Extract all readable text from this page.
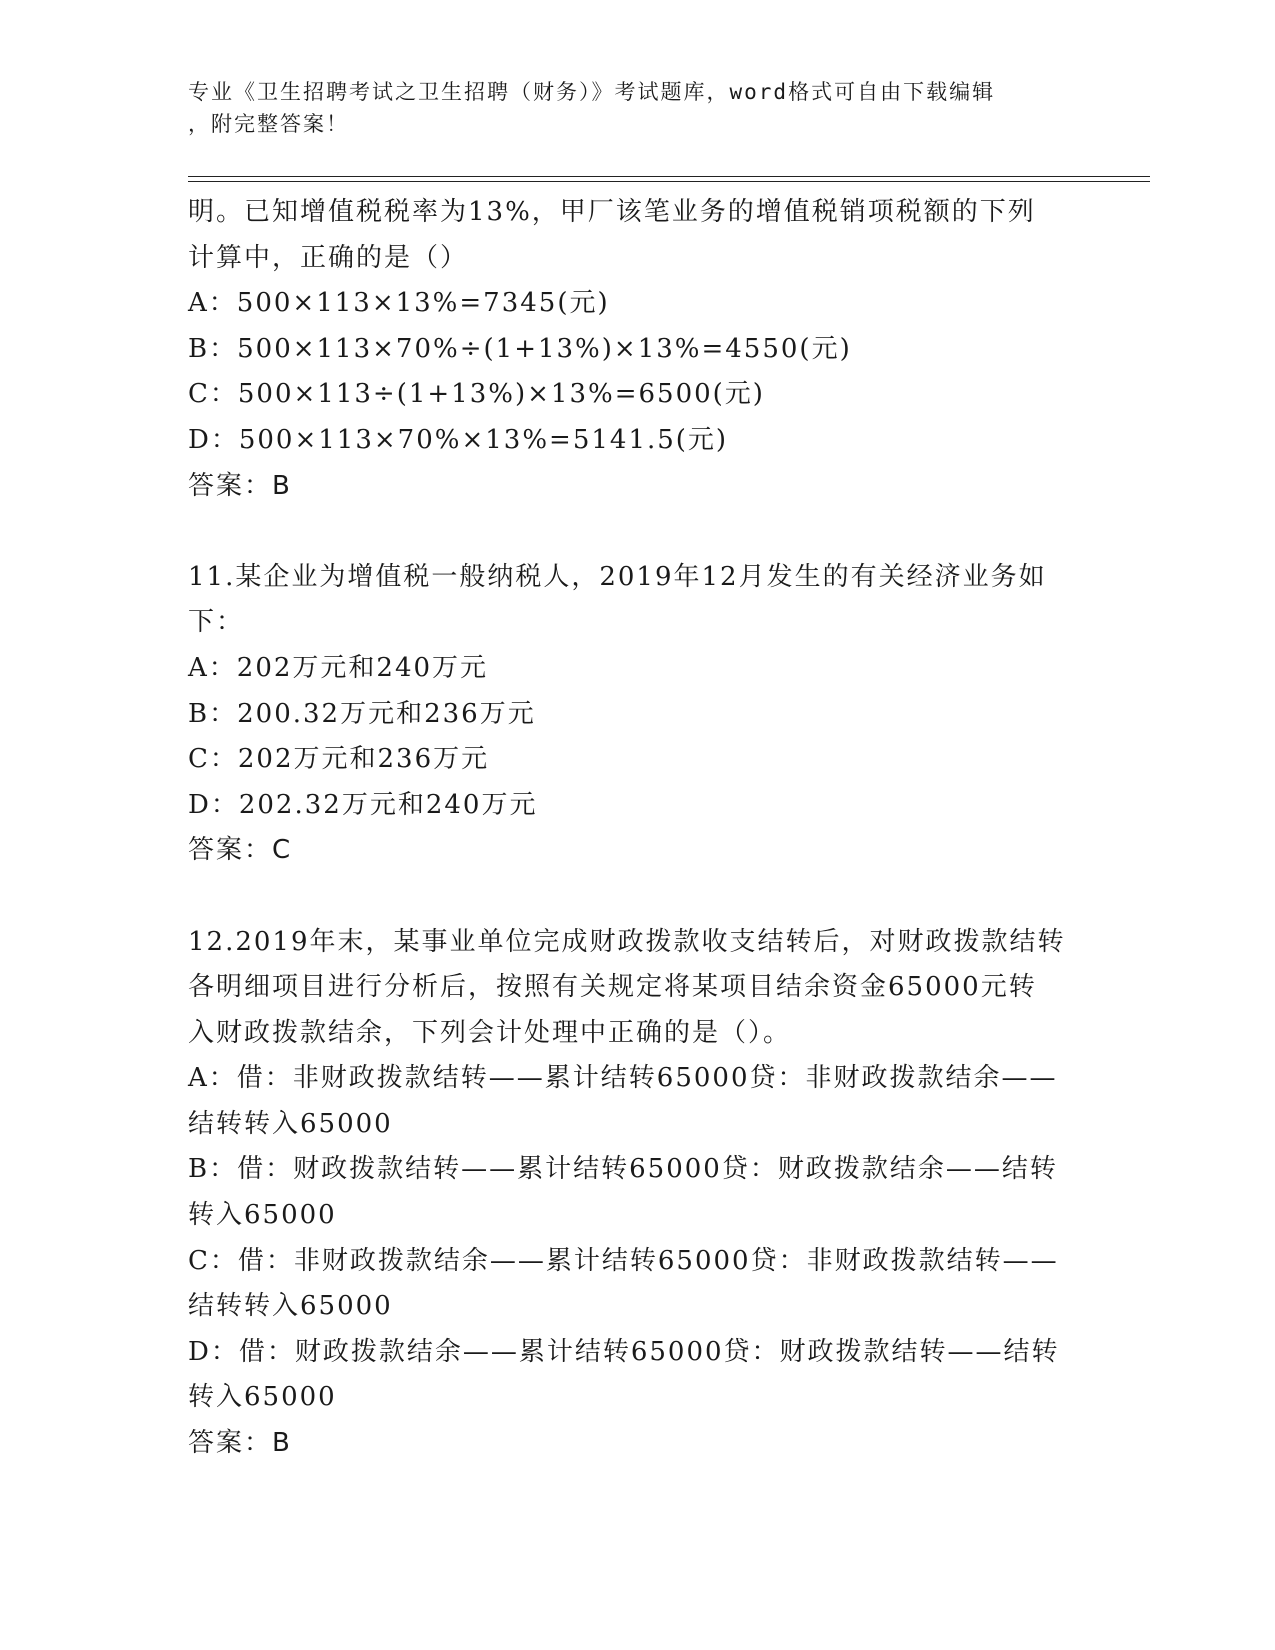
专业《卫生招聘考试之卫生招聘（财务）》考试题库，word格式可自由下载编辑
，附完整答案！
明。已知增值税税率为13%，甲厂该笔业务的增值税销项税额的下列
计算中，正确的是（）
A：500×113×13%=7345(元)
B：500×113×70%÷(1+13%)×13%=4550(元)
C：500×113÷(1+13%)×13%=6500(元)
D：500×113×70%×13%=5141.5(元)
答案：B
11.某企业为增值税一般纳税人，2019年12月发生的有关经济业务如
下：
A：202万元和240万元
B：200.32万元和236万元
C：202万元和236万元
D：202.32万元和240万元
答案：C
12.2019年末，某事业单位完成财政拨款收支结转后，对财政拨款结转
各明细项目进行分析后，按照有关规定将某项目结余资金65000元转
入财政拨款结余，下列会计处理中正确的是（）。
A：借：非财政拨款结转——累计结转65000贷：非财政拨款结余——
结转转入65000
B：借：财政拨款结转——累计结转65000贷：财政拨款结余——结转
转入65000
C：借：非财政拨款结余——累计结转65000贷：非财政拨款结转——
结转转入65000
D：借：财政拨款结余——累计结转65000贷：财政拨款结转——结转
转入65000
答案：B
